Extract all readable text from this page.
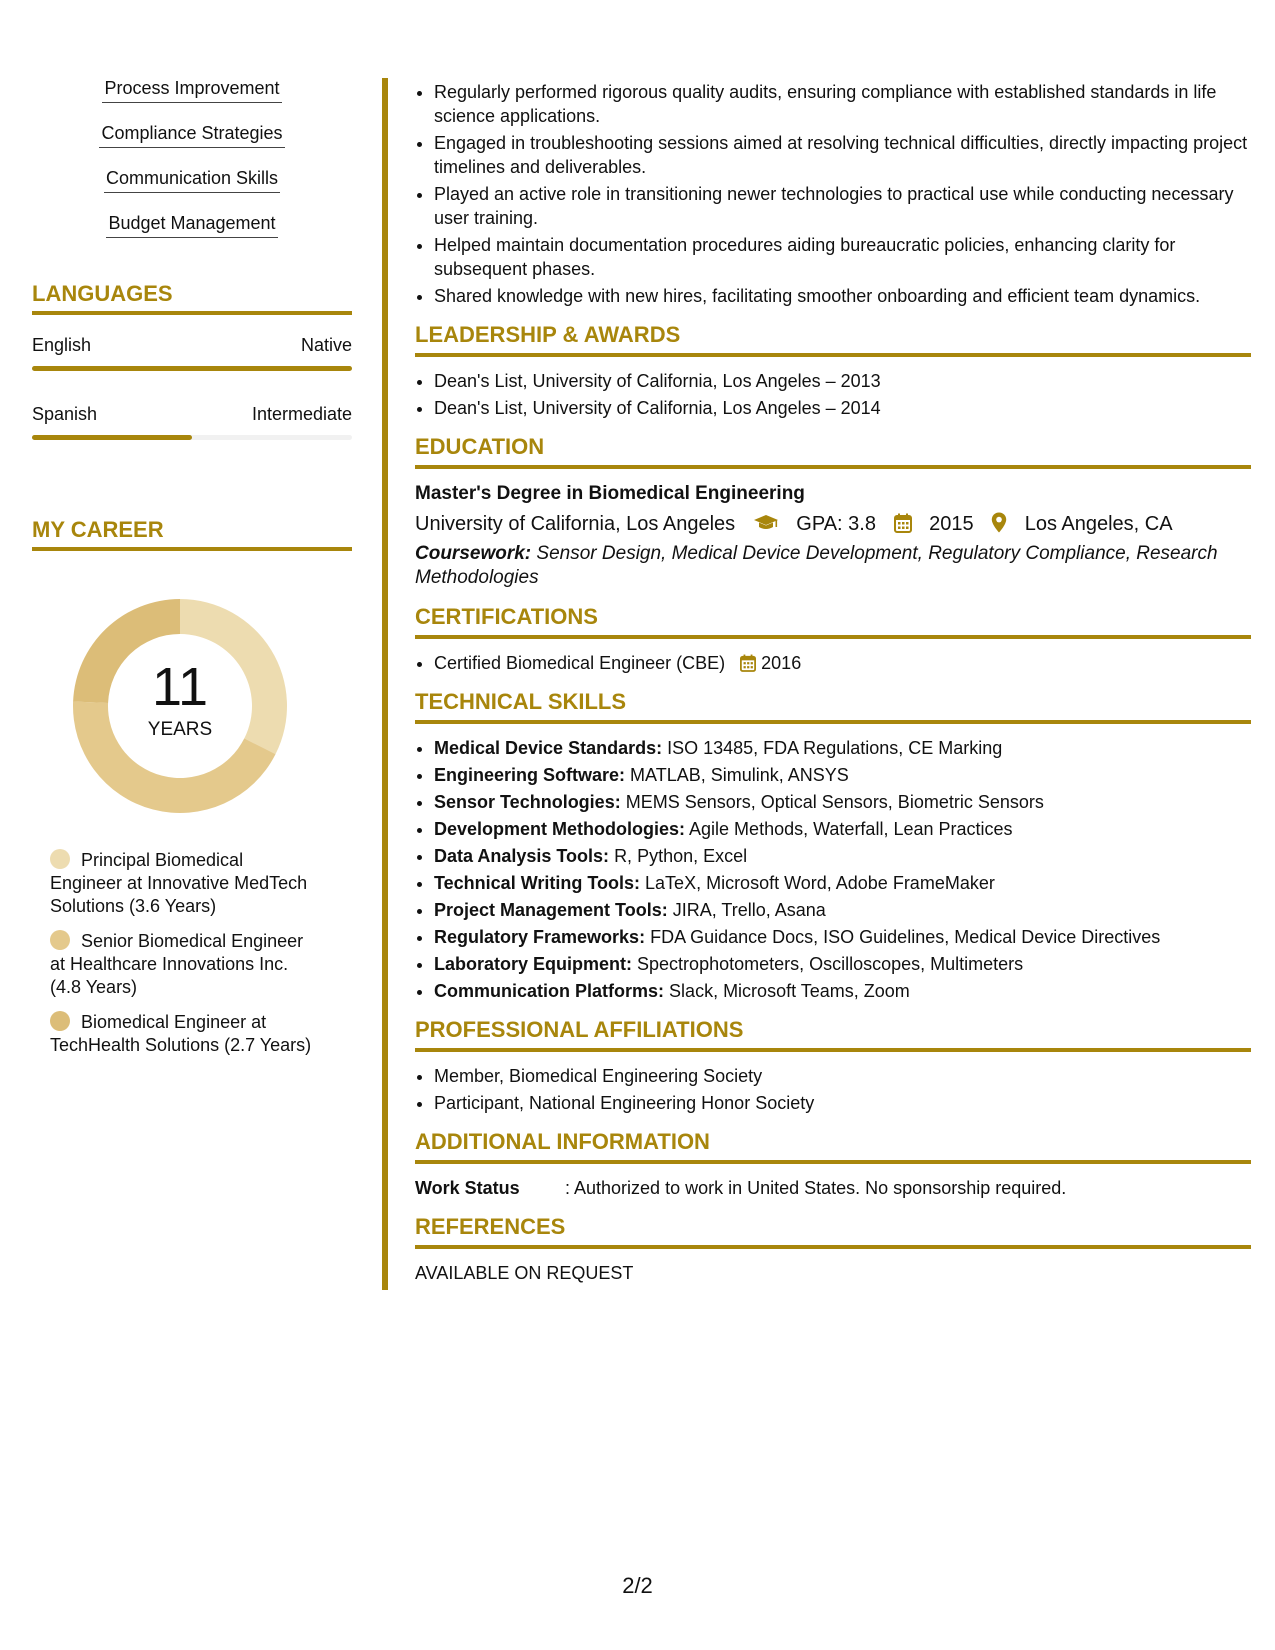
Process Improvement
Compliance Strategies
Communication Skills
Budget Management
LANGUAGES
English	Native
Spanish	Intermediate
MY CAREER
11
YEARS
Principal Biomedical Engineer at Innovative MedTech Solutions (3.6 Years)
Senior Biomedical Engineer at Healthcare Innovations Inc. (4.8 Years)
Biomedical Engineer at TechHealth Solutions (2.7 Years)
• Regularly performed rigorous quality audits, ensuring compliance with established standards in life science applications.
• Engaged in troubleshooting sessions aimed at resolving technical difficulties, directly impacting project timelines and deliverables.
• Played an active role in transitioning newer technologies to practical use while conducting necessary user training.
• Helped maintain documentation procedures aiding bureaucratic policies, enhancing clarity for subsequent phases.
• Shared knowledge with new hires, facilitating smoother onboarding and efficient team dynamics.
LEADERSHIP & AWARDS
• Dean's List, University of California, Los Angeles – 2013
• Dean's List, University of California, Los Angeles – 2014
EDUCATION
Master's Degree in Biomedical Engineering
University of California, Los Angeles	GPA: 3.8	2015	Los Angeles, CA
Coursework: Sensor Design, Medical Device Development, Regulatory Compliance, Research Methodologies
CERTIFICATIONS
• Certified Biomedical Engineer (CBE) 2016
TECHNICAL SKILLS
• Medical Device Standards: ISO 13485, FDA Regulations, CE Marking
• Engineering Software: MATLAB, Simulink, ANSYS
• Sensor Technologies: MEMS Sensors, Optical Sensors, Biometric Sensors
• Development Methodologies: Agile Methods, Waterfall, Lean Practices
• Data Analysis Tools: R, Python, Excel
• Technical Writing Tools: LaTeX, Microsoft Word, Adobe FrameMaker
• Project Management Tools: JIRA, Trello, Asana
• Regulatory Frameworks: FDA Guidance Docs, ISO Guidelines, Medical Device Directives
• Laboratory Equipment: Spectrophotometers, Oscilloscopes, Multimeters
• Communication Platforms: Slack, Microsoft Teams, Zoom
PROFESSIONAL AFFILIATIONS
• Member, Biomedical Engineering Society
• Participant, National Engineering Honor Society
ADDITIONAL INFORMATION
Work Status	: Authorized to work in United States. No sponsorship required.
REFERENCES
AVAILABLE ON REQUEST
2/2
